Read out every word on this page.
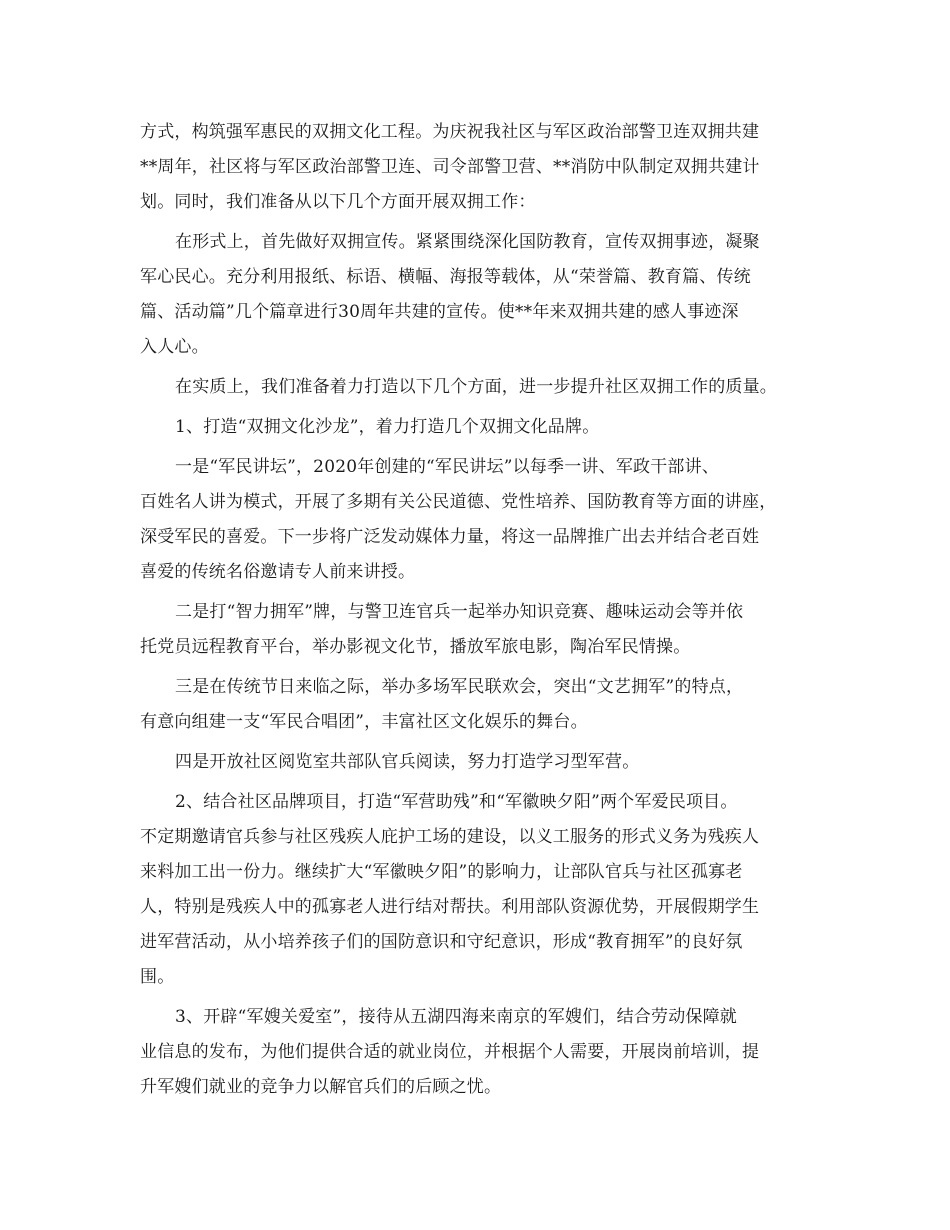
方式，构筑强军惠民的双拥文化工程。为庆祝我社区与军区政治部警卫连双拥共建
**周年，社区将与军区政治部警卫连、司令部警卫营、**消防中队制定双拥共建计
划。同时，我们准备从以下几个方面开展双拥工作：
在形式上，首先做好双拥宣传。紧紧围绕深化国防教育，宣传双拥事迹，凝聚
军心民心。充分利用报纸、标语、横幅、海报等载体，从“荣誉篇、教育篇、传统
篇、活动篇”几个篇章进行30周年共建的宣传。使**年来双拥共建的感人事迹深
入人心。
在实质上，我们准备着力打造以下几个方面，进一步提升社区双拥工作的质量。
1、打造“双拥文化沙龙”，着力打造几个双拥文化品牌。
一是“军民讲坛”，2020年创建的“军民讲坛”以每季一讲、军政干部讲、
百姓名人讲为模式，开展了多期有关公民道德、党性培养、国防教育等方面的讲座，
深受军民的喜爱。下一步将广泛发动媒体力量，将这一品牌推广出去并结合老百姓
喜爱的传统名俗邀请专人前来讲授。
二是打“智力拥军”牌，与警卫连官兵一起举办知识竞赛、趣味运动会等并依
托党员远程教育平台，举办影视文化节，播放军旅电影，陶冶军民情操。
三是在传统节日来临之际，举办多场军民联欢会，突出“文艺拥军”的特点，
有意向组建一支“军民合唱团”，丰富社区文化娱乐的舞台。
四是开放社区阅览室共部队官兵阅读，努力打造学习型军营。
2、结合社区品牌项目，打造“军营助残”和“军徽映夕阳”两个军爱民项目。
不定期邀请官兵参与社区残疾人庇护工场的建设，以义工服务的形式义务为残疾人
来料加工出一份力。继续扩大“军徽映夕阳”的影响力，让部队官兵与社区孤寡老
人，特别是残疾人中的孤寡老人进行结对帮扶。利用部队资源优势，开展假期学生
进军营活动，从小培养孩子们的国防意识和守纪意识，形成“教育拥军”的良好氛
围。
3、开辟“军嫂关爱室”，接待从五湖四海来南京的军嫂们，结合劳动保障就
业信息的发布，为他们提供合适的就业岗位，并根据个人需要，开展岗前培训，提
升军嫂们就业的竞争力以解官兵们的后顾之忧。
